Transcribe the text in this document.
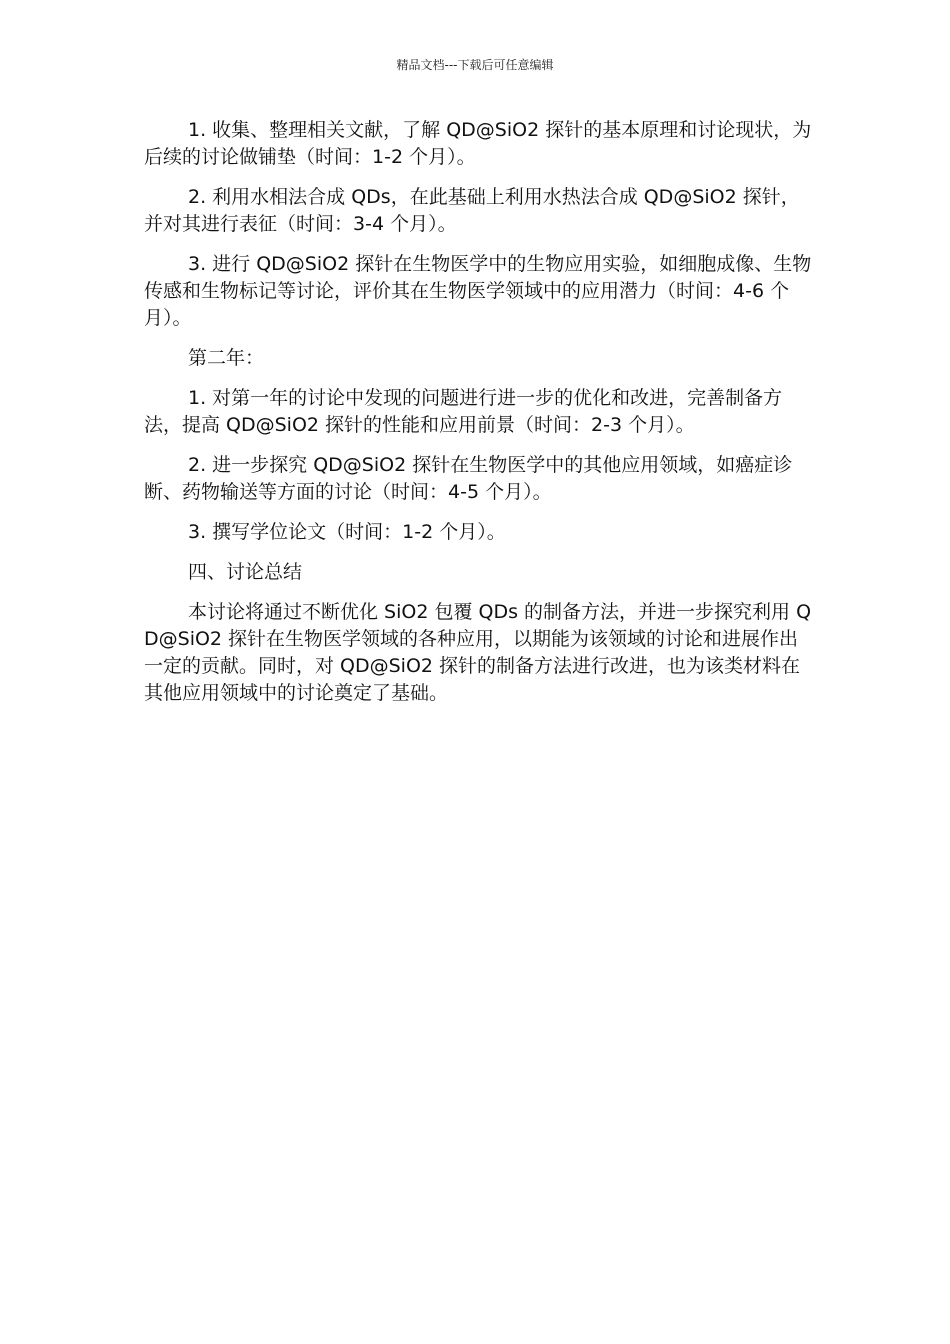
精品文档---下载后可任意编辑

1. 收集、整理相关文献，了解 QD@SiO2 探针的基本原理和讨论现状，为后续的讨论做铺垫（时间：1-2 个月）。

2. 利用水相法合成 QDs，在此基础上利用水热法合成 QD@SiO2 探针，并对其进行表征（时间：3-4 个月）。

3. 进行 QD@SiO2 探针在生物医学中的生物应用实验，如细胞成像、生物传感和生物标记等讨论，评价其在生物医学领域中的应用潜力（时间：4-6 个月）。

第二年：

1. 对第一年的讨论中发现的问题进行进一步的优化和改进，完善制备方法，提高 QD@SiO2 探针的性能和应用前景（时间：2-3 个月）。

2. 进一步探究 QD@SiO2 探针在生物医学中的其他应用领域，如癌症诊断、药物输送等方面的讨论（时间：4-5 个月）。

3. 撰写学位论文（时间：1-2 个月）。

四、讨论总结

本讨论将通过不断优化 SiO2 包覆 QDs 的制备方法，并进一步探究利用 QD@SiO2 探针在生物医学领域的各种应用，以期能为该领域的讨论和进展作出一定的贡献。同时，对 QD@SiO2 探针的制备方法进行改进，也为该类材料在其他应用领域中的讨论奠定了基础。
